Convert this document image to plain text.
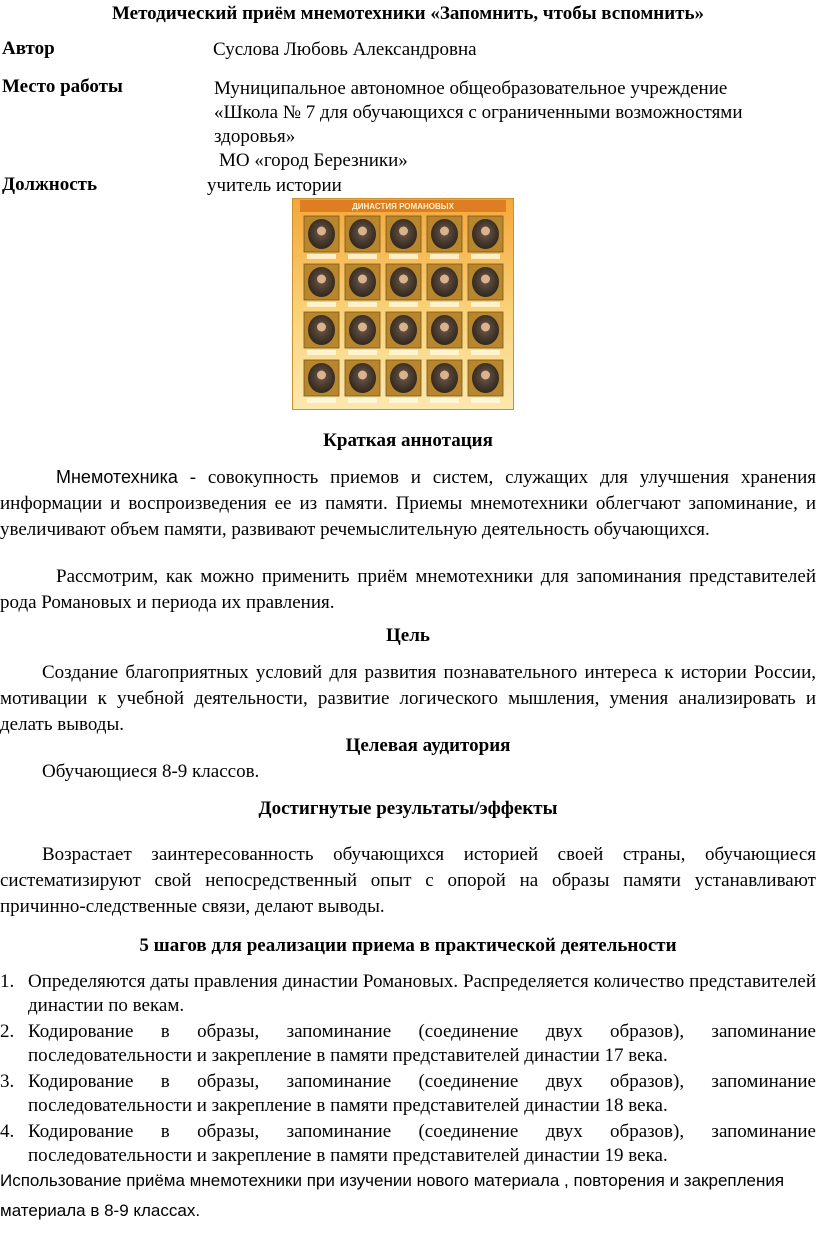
Методический приём мнемотехники «Запомнить, чтобы вспомнить»
Автор	Суслова Любовь Александровна
Место работы	Муниципальное автономное общеобразовательное учреждение
«Школа № 7 для обучающихся с ограниченными возможностями
здоровья»
МО «город Березники»
Должность	учитель истории
ДИНАСТИЯ РОМАНОВЫХ
Краткая аннотация

Мнемотехника - совокупность приемов и систем, служащих для улучшения хранения информации и воспроизведения ее из памяти. Приемы мнемотехники облегчают запоминание, и увеличивают объем памяти, развивают речемыслительную деятельность обучающихся.

Рассмотрим, как можно применить приём мнемотехники для запоминания представителей рода Романовых и периода их правления.

Цель

Создание благоприятных условий для развития познавательного интереса к истории России, мотивации к учебной деятельности, развитие логического мышления, умения анализировать и делать выводы.

Целевая аудитория

Обучающиеся 8-9 классов.

Достигнутые результаты/эффекты

Возрастает заинтересованность обучающихся историей своей страны, обучающиеся систематизируют свой непосредственный опыт с опорой на образы памяти устанавливают причинно-следственные связи, делают выводы.

5 шагов для реализации приема в практической деятельности
1. Определяются даты правления династии Романовых. Распределяется количество представителей династии по векам.
2. Кодирование в образы, запоминание (соединение двух образов), запоминание последовательности и закрепление в памяти представителей династии 17 века.
3. Кодирование в образы, запоминание (соединение двух образов), запоминание последовательности и закрепление в памяти представителей династии 18 века.
4. Кодирование в образы, запоминание (соединение двух образов), запоминание последовательности и закрепление в памяти представителей династии 19 века.

Использование приёма мнемотехники при изучении нового материала , повторения и закрепления материала в 8-9 классах.
